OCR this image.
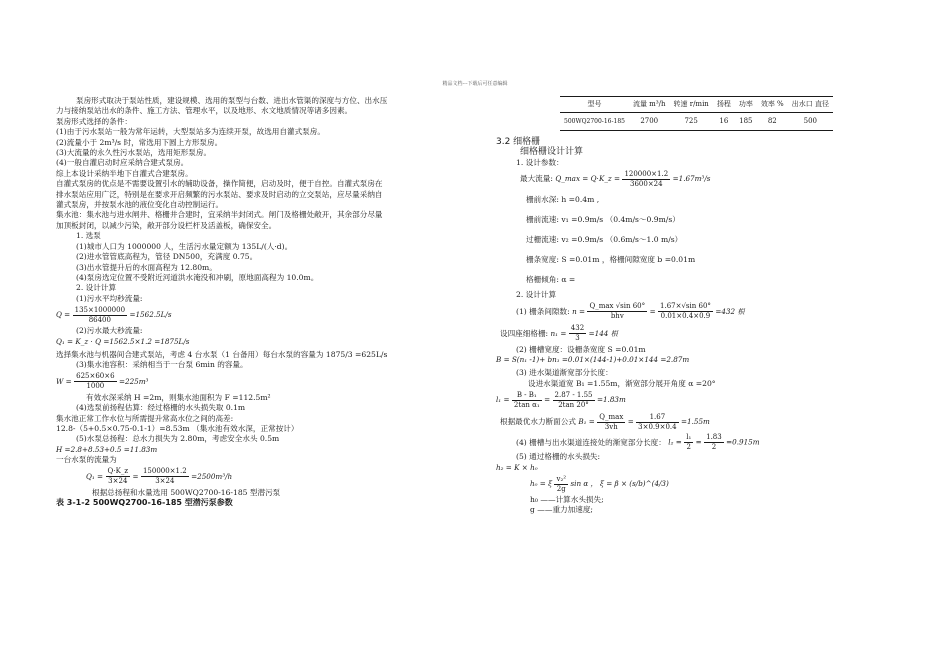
精品文档---下载后可任意编辑
泵房形式取决于泵站性质，建设规模、选用的泵型与台数、进出水管渠的深度与方位、出水压
力与接纳泵站出水的条件、施工方法、管理水平，以及地形、水文地质情况等诸多因素。
泵房形式选择的条件：
(1)由于污水泵站一般为常年运转，大型泵站多为连续开泵，故选用自灌式泵房。
(2)流量小于 2m³/s 时，常选用下圆上方形泵房。
(3)大流量的永久性污水泵站，选用矩形泵房。
(4)一般自灌启动时应采纳合建式泵房。
综上本设计采纳半地下自灌式合建泵房。
自灌式泵房的优点是不需要设置引水的辅助设备，操作简便，启动及时，便于自控。自灌式泵房在
排水泵站应用广泛，特别是在要求开启频繁的污水泵站、要求及时启动的立交泵站，应尽量采纳自
灌式泵房，并按泵水池的液位变化自动控制运行。
集水池：集水池与进水闸井、格栅井合建时，宜采纳半封闭式。闸门及格栅处敞开，其余部分尽量
加顶板封闭，以减少污染，敞开部分设栏杆及活盖板，确保安全。
1. 选泵
(1)城市人口为 1000000 人，生活污水量定额为 135L/(人·d)。
(2)进水管管底高程为，管径 DN500，充满度 0.75。
(3)出水管提升后的水面高程为 12.80m。
(4)泵房选定位置不受附近河道洪水淹没和冲刷，原地面高程为 10.0m。
2. 设计计算
(1)污水平均秒流量:
$Q = \frac{135\times 1000000}{86400} =1562.5L/s$
(2)污水最大秒流量:
Q₁ = K_z ⋅ Q =1562.5×1.2 =1875L/s
选择集水池与机器间合建式泵站，考虑 4 台水泵（1 台备用）每台水泵的容量为 1875/3 =625L/s
(3)集水池容积：采纳相当于一台泵 6min 的容量。
$W = \frac{625\times 60\times 6}{1000} =225m^3$
有效水深采纳 H =2m，则集水池面积为 F =112.5m²
(4)选泵前扬程估算：经过格栅的水头损失取 0.1m
集水池正常工作水位与所需提升常高水位之间的高差:
12.8-（5+0.5×0.75-0.1-1）=8.53m （集水池有效水深，正常按计）
(5)水泵总扬程：总水力损失为 2.80m，考虑安全水头 0.5m
H =2.8+8.53+0.5 =11.83m
一台水泵的流量为
$Q_1 = \frac{Q\cdot K\_z}{3\times 24} = \frac{150000\times 1.2}{3\times 24} =2500m^3/h$
根据总扬程和水量选用 500WQ2700-16-185 型潜污泵
表 3-1-2 500WQ2700-16-185 型潜污泵参数
型号	流量 m³/h	转速 r/min	扬程	功率	效率 %	出水口 直径
500WQ2700-16-185	2700	725	16	185	82	500
3.2 细格栅
细格栅设计计算
1. 设计参数：
最大流量: Q_max = Q⋅K_z = $\frac{120000\times 1.2}{3600\times 24} =1.67m^3/s$
栅前水深: h =0.4m ,
栅前流速: v₁ =0.9m/s （0.4m/s～0.9m/s）
过栅流速: v₂ =0.9m/s （0.6m/s～1.0 m/s）
栅条宽度: S =0.01m ，格栅间隙宽度 b =0.01m
格栅倾角: α =
2. 设计计算
(1) 栅条间隙数: $n = \frac{Q\_\max √\sin 60^\circ}{\text{bhv}} = \frac{1.67\times√\sin 60^\circ}{0.01\times 0.4\times 0.9} =432$ 根
设四座细格栅: $n_1 = \frac{432}{3} =144$ 根
(2) 栅槽宽度：设栅条宽度 S =0.01m
B = S(n₁ -1)+ bn₁ =0.01×(144-1)+0.01×144 =2.87m
(3) 进水渠道渐宽部分长度：
设进水渠道宽 B₁ =1.55m，渐宽部分展开角度 α =20°
$l_1 = \frac{\text{B - B₁}}{\text{2tan α₁}} = \frac{2.87 - 1.55}{2\tan 20^\circ} =1.83m$
根据最优水力断面公式 $B_1 = \frac{Q\_\max}{3vh} = \frac{1.67}{3\times 0.9\times 0.4} =1.55m$
(4) 栅槽与出水渠道连接处的渐宽部分长度： $l_2 = \frac{\text{l₁}}{2} = \frac{1.83}{2} =0.915m$
(5) 通过格栅的水头损失:
h₂ = K × h₀
h₀ = ξ $\frac{\text{v₂²}}{2g}$ sin α ， ξ = β × (s/b)^(4/3)
h₀ ——计算水头损失;
g ——重力加速度;
